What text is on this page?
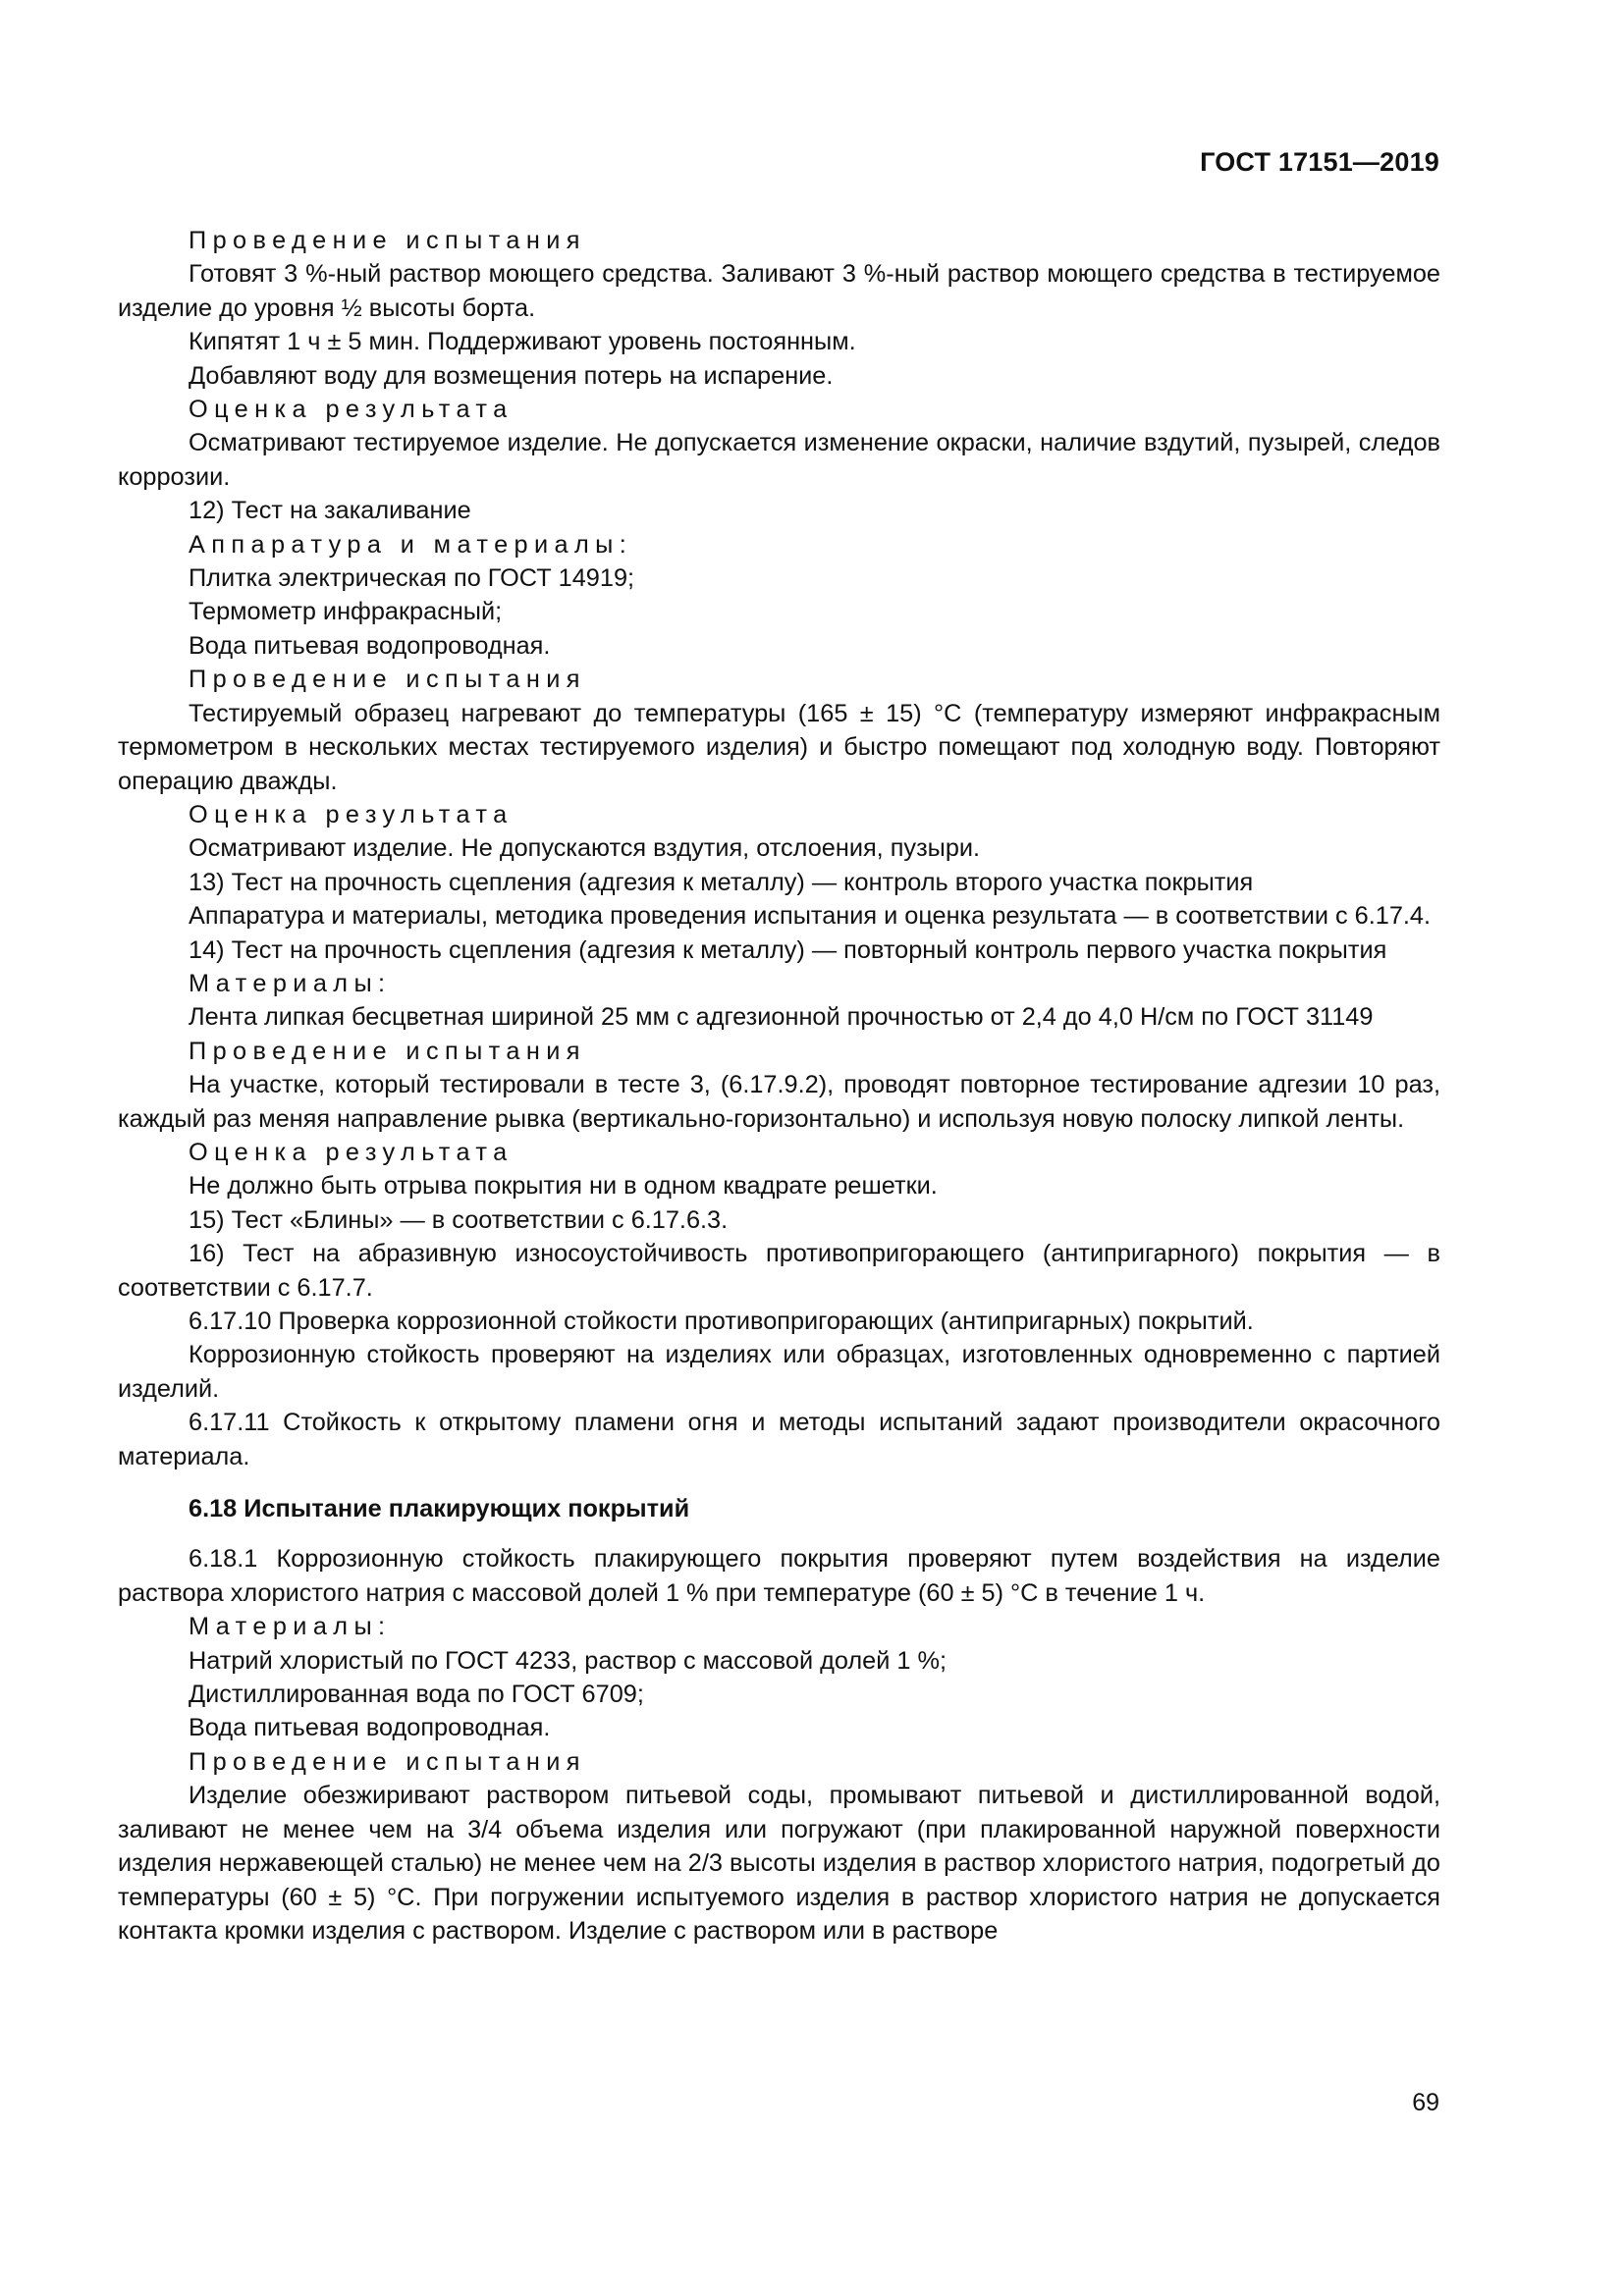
ГОСТ 17151—2019

Проведение испытания

Готовят 3 %-ный раствор моющего средства. Заливают 3 %-ный раствор моющего средства в тестируемое изделие до уровня ½ высоты борта.

Кипятят 1 ч ± 5 мин. Поддерживают уровень постоянным.

Добавляют воду для возмещения потерь на испарение.

Оценка результата

Осматривают тестируемое изделие. Не допускается изменение окраски, наличие вздутий, пузырей, следов коррозии.

12) Тест на закаливание

Аппаратура и материалы:

Плитка электрическая по ГОСТ 14919;

Термометр инфракрасный;

Вода питьевая водопроводная.

Проведение испытания

Тестируемый образец нагревают до температуры (165 ± 15) °С (температуру измеряют инфракрасным термометром в нескольких местах тестируемого изделия) и быстро помещают под холодную воду. Повторяют операцию дважды.

Оценка результата

Осматривают изделие. Не допускаются вздутия, отслоения, пузыри.

13) Тест на прочность сцепления (адгезия к металлу) — контроль второго участка покрытия

Аппаратура и материалы, методика проведения испытания и оценка результата — в соответствии с 6.17.4.

14) Тест на прочность сцепления (адгезия к металлу) — повторный контроль первого участка покрытия

Материалы:

Лента липкая бесцветная шириной 25 мм с адгезионной прочностью от 2,4 до 4,0 Н/см по ГОСТ 31149

Проведение испытания

На участке, который тестировали в тесте 3, (6.17.9.2), проводят повторное тестирование адгезии 10 раз, каждый раз меняя направление рывка (вертикально-горизонтально) и используя новую полоску липкой ленты.

Оценка результата

Не должно быть отрыва покрытия ни в одном квадрате решетки.

15) Тест «Блины» — в соответствии с 6.17.6.3.

16) Тест на абразивную износоустойчивость противопригорающего (антипригарного) покрытия — в соответствии с 6.17.7.

6.17.10 Проверка коррозионной стойкости противопригорающих (антипригарных) покрытий.

Коррозионную стойкость проверяют на изделиях или образцах, изготовленных одновременно с партией изделий.

6.17.11 Стойкость к открытому пламени огня и методы испытаний задают производители окрасочного материала.

6.18 Испытание плакирующих покрытий

6.18.1 Коррозионную стойкость плакирующего покрытия проверяют путем воздействия на изделие раствора хлористого натрия с массовой долей 1 % при температуре (60 ± 5) °С в течение 1 ч.

Материалы:

Натрий хлористый по ГОСТ 4233, раствор с массовой долей 1 %;

Дистиллированная вода по ГОСТ 6709;

Вода питьевая водопроводная.

Проведение испытания

Изделие обезжиривают раствором питьевой соды, промывают питьевой и дистиллированной водой, заливают не менее чем на 3/4 объема изделия или погружают (при плакированной наружной поверхности изделия нержавеющей сталью) не менее чем на 2/3 высоты изделия в раствор хлористого натрия, подогретый до температуры (60 ± 5) °С. При погружении испытуемого изделия в раствор хлористого натрия не допускается контакта кромки изделия с раствором. Изделие с раствором или в растворе

69
